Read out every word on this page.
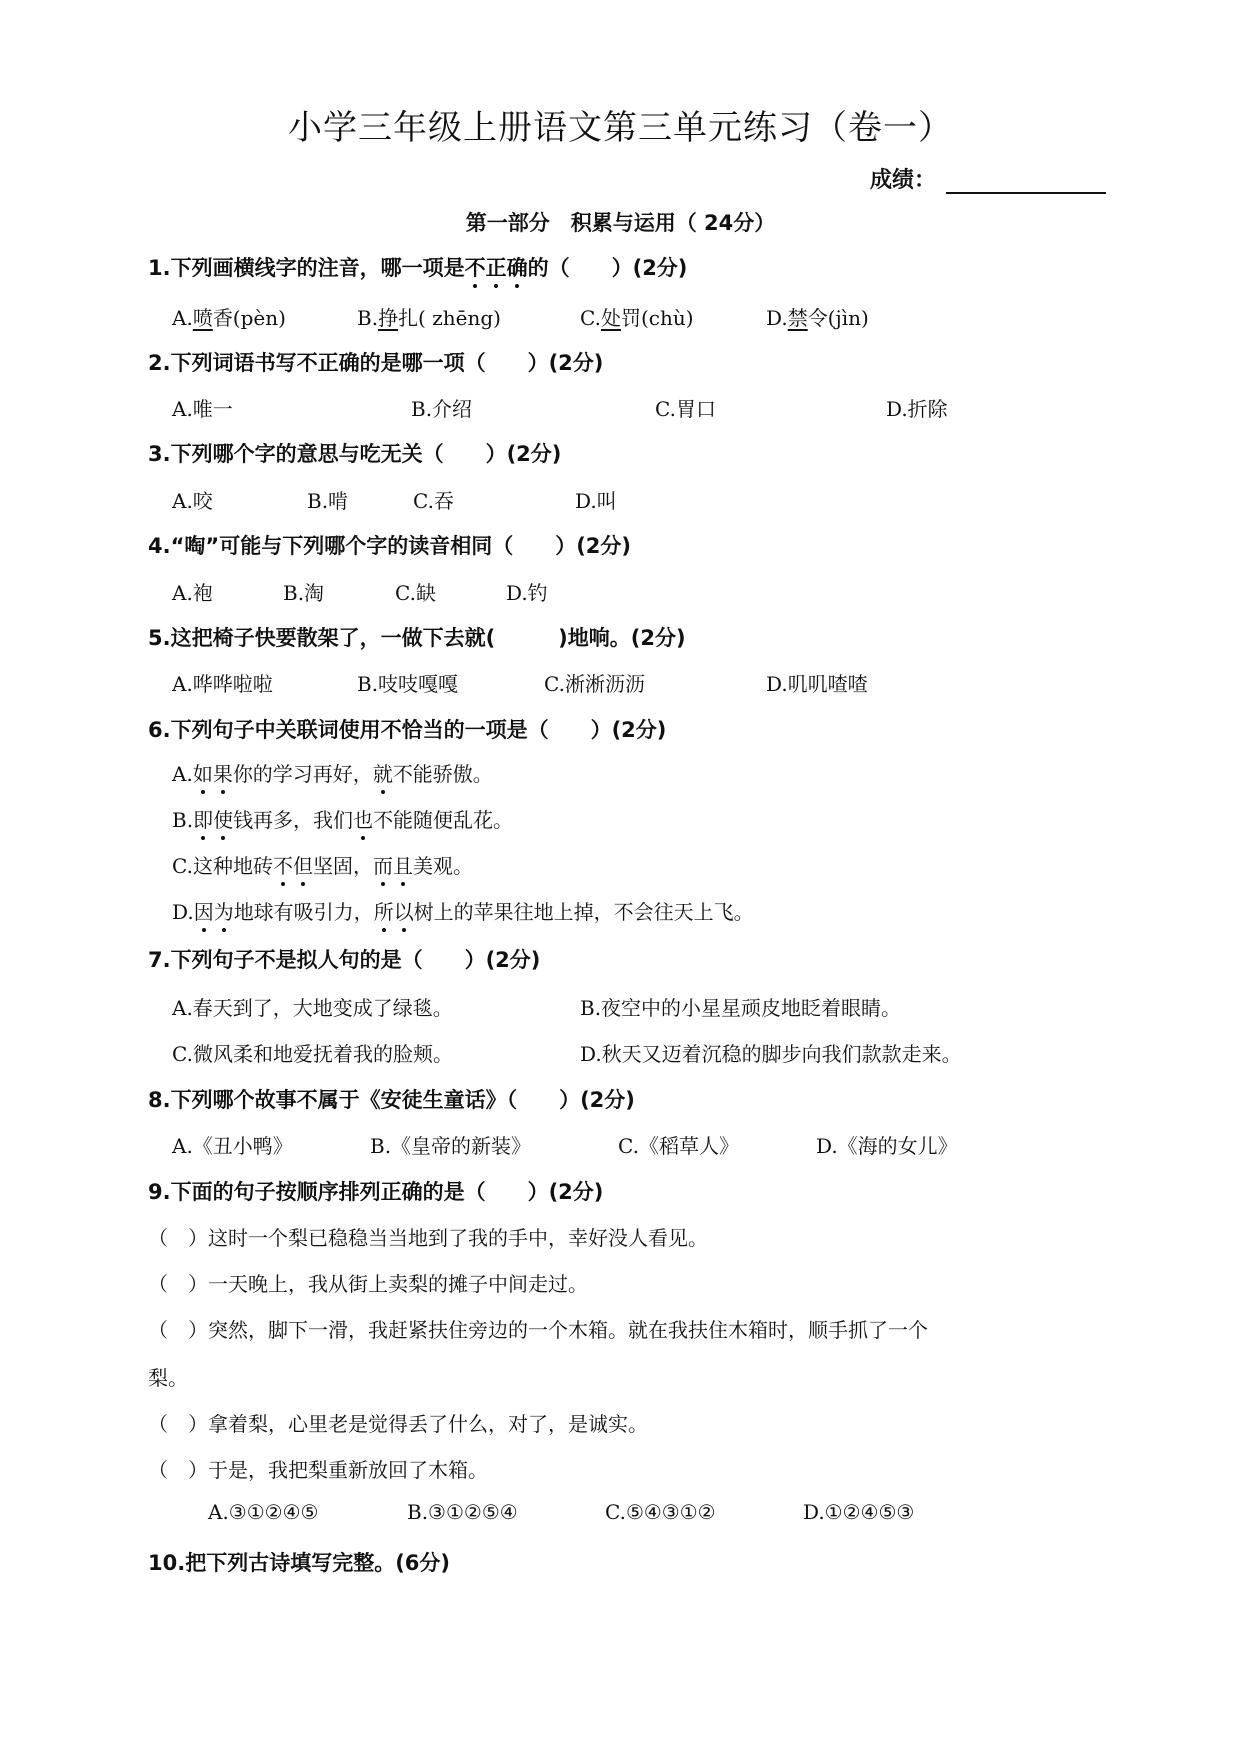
小学三年级上册语文第三单元练习（卷一）
成绩：
第一部分　 积累与运用（ 24分）
1.下列画横线字的注音，哪一项是不正确的（　　）(2分)
A.喷香(pèn)	B.挣扎( zhēng)	C.处罚(chù)	D.禁令(jìn)
2.下列词语书写不正确的是哪一项（　　）(2分)
A.唯一	B.介绍	C.胃口	D.折除
3.下列哪个字的意思与吃无关（　　）(2分)
A.咬	B.啃	C.吞	D.叫
4.“啕”可能与下列哪个字的读音相同（　　）(2分)
A.袍	B.淘	C.缺	D.钓
5.这把椅子快要散架了，一做下去就(　　　)地响。(2分)
A.哗哗啦啦	B.吱吱嘎嘎	C.淅淅沥沥	D.叽叽喳喳
6.下列句子中关联词使用不恰当的一项是（　　）(2分)
A.如果你的学习再好，就不能骄傲。
B.即使钱再多，我们也不能随便乱花。
C.这种地砖不但坚固，而且美观。
D.因为地球有吸引力，所以树上的苹果往地上掉，不会往天上飞。
7.下列句子不是拟人句的是（　　）(2分)
A.春天到了，大地变成了绿毯。	B.夜空中的小星星顽皮地眨着眼睛。
C.微风柔和地爱抚着我的脸颊。	D.秋天又迈着沉稳的脚步向我们款款走来。
8.下列哪个故事不属于《安徒生童话》（　　）(2分)
A.《丑小鸭》	B.《皇帝的新装》	C.《稻草人》	D.《海的女儿》
9.下面的句子按顺序排列正确的是（　　）(2分)
（　）这时一个梨已稳稳当当地到了我的手中，幸好没人看见。
（　）一天晚上，我从街上卖梨的摊子中间走过。
（　）突然，脚下一滑，我赶紧扶住旁边的一个木箱。就在我扶住木箱时，顺手抓了一个
梨。
（　）拿着梨，心里老是觉得丢了什么，对了，是诚实。
（　）于是，我把梨重新放回了木箱。
A.③①②④⑤	B.③①②⑤④	C.⑤④③①②	D.①②④⑤③
10.把下列古诗填写完整。(6分)
